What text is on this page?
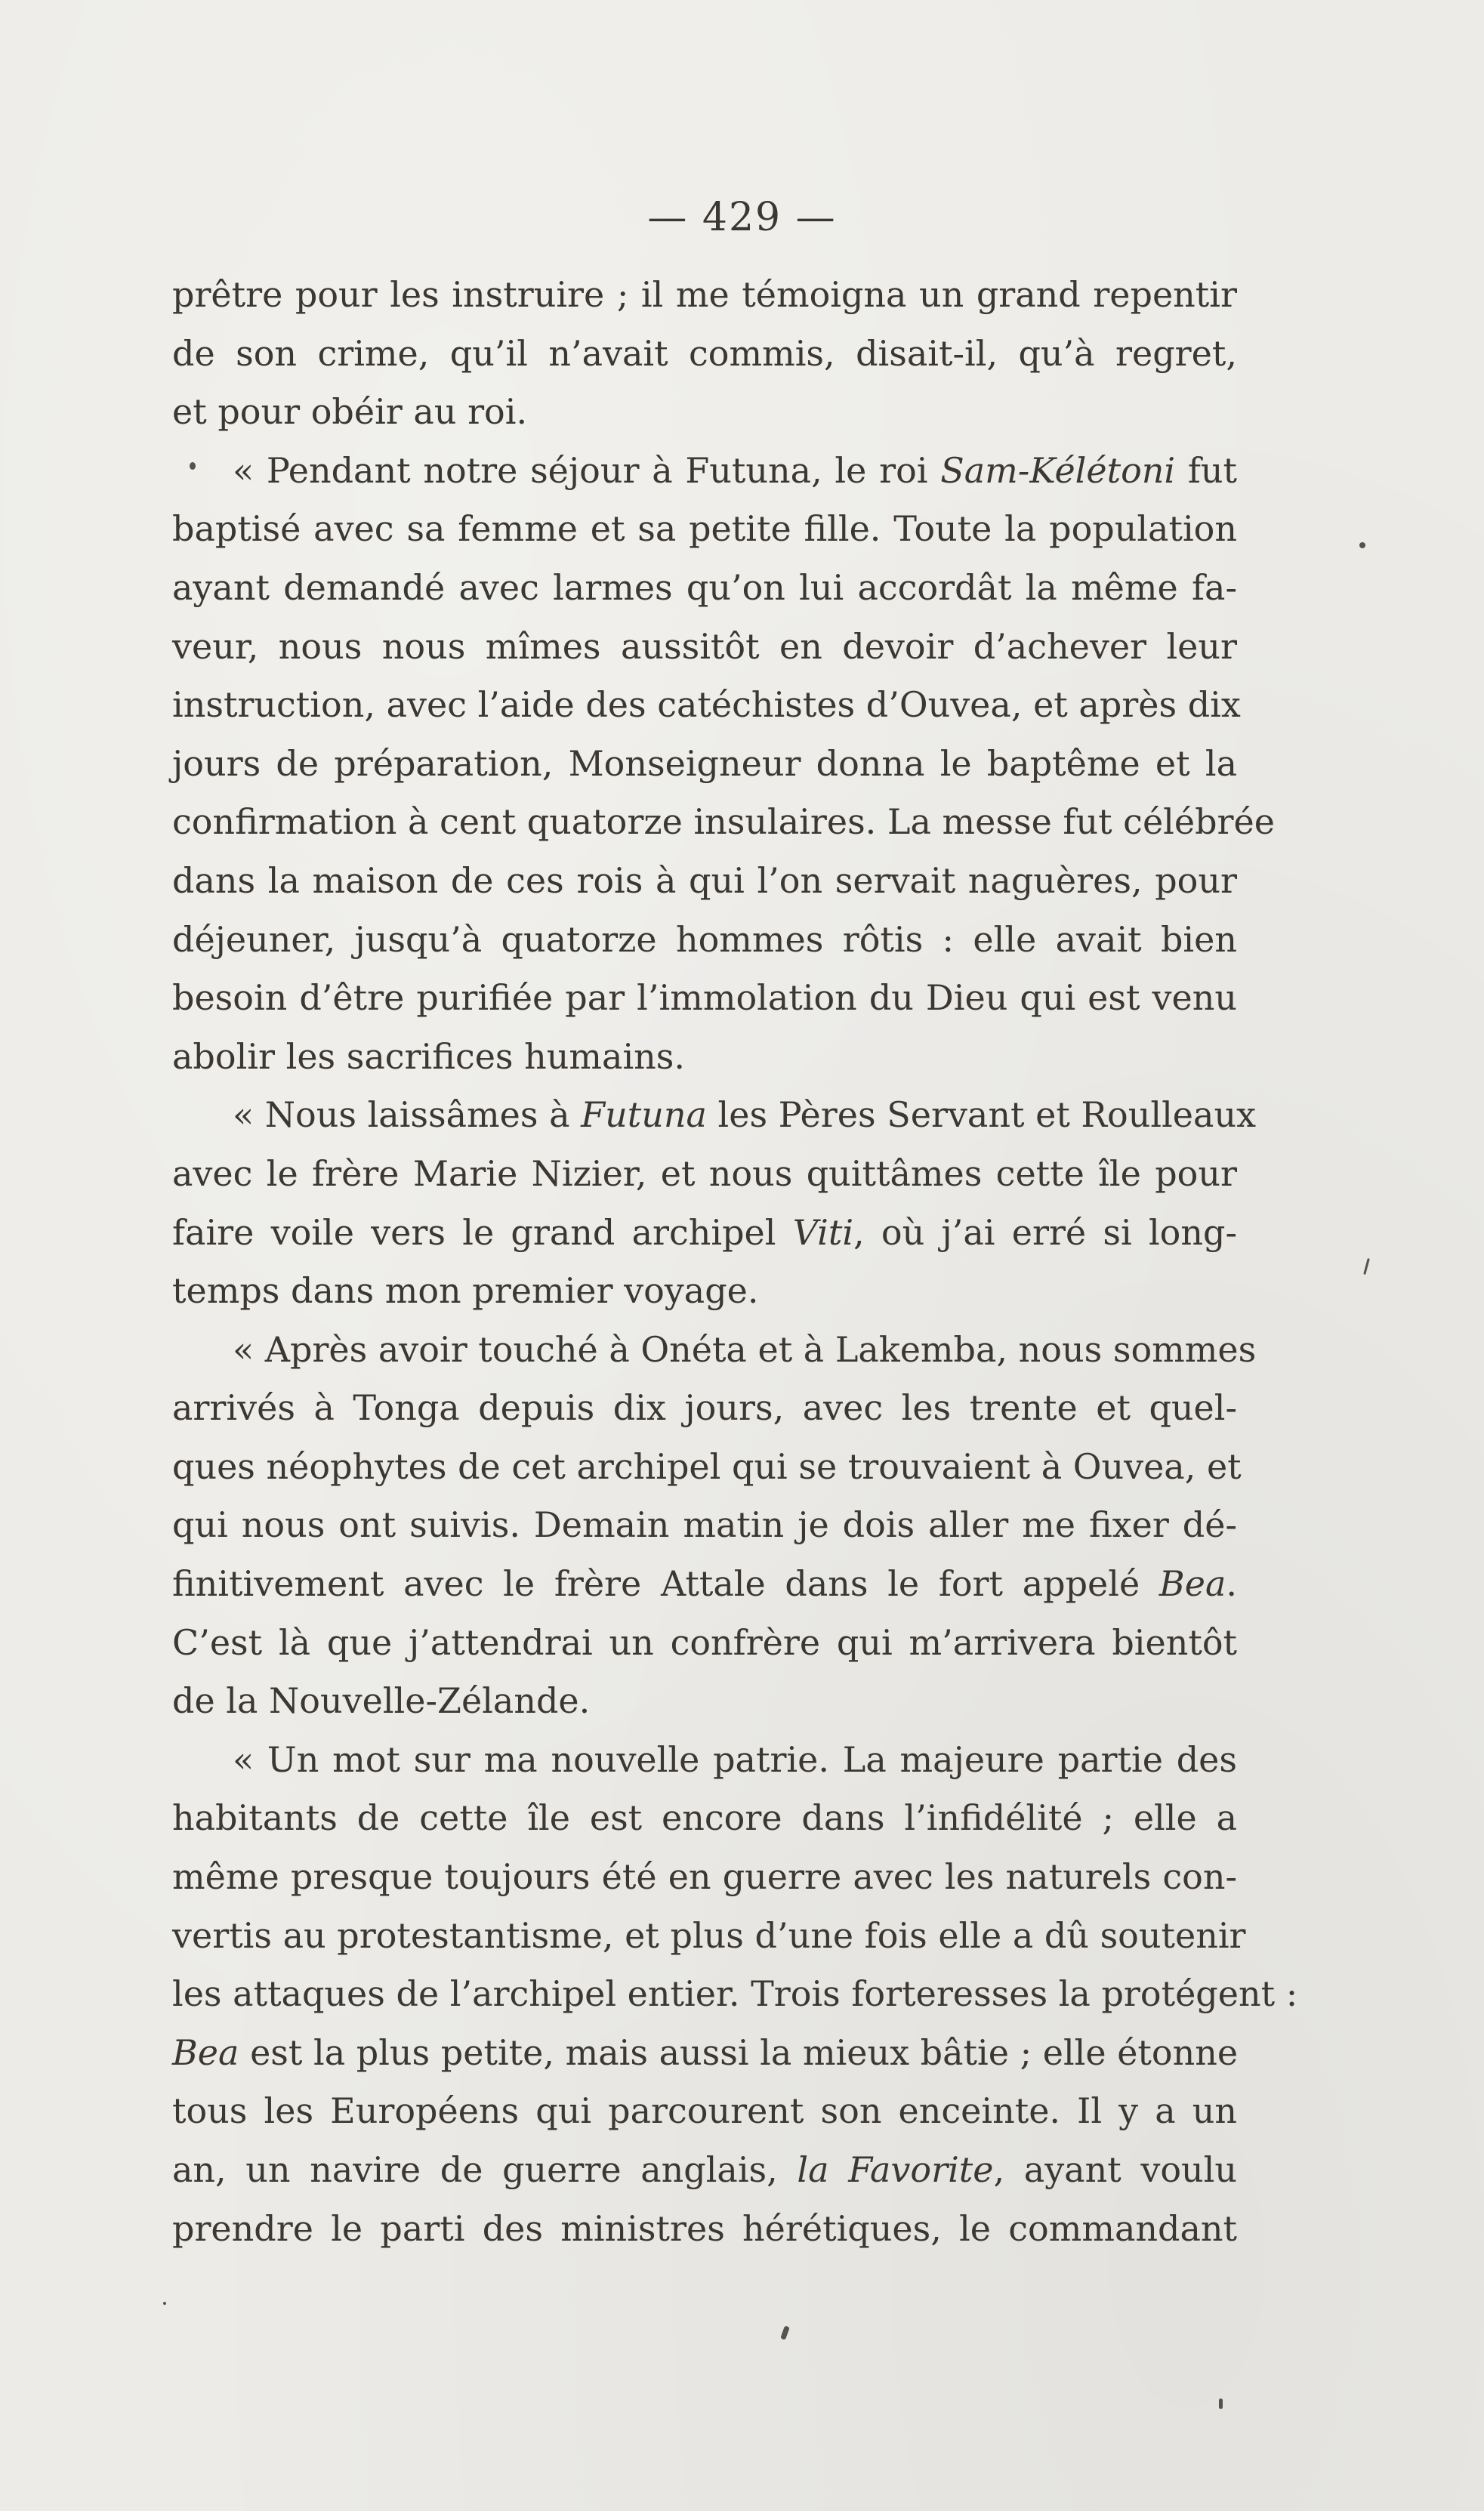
— 429 —
prêtre pour les instruire ; il me témoigna un grand repentir
de son crime, qu’il n’avait commis, disait-il, qu’à regret,
et pour obéir au roi.
« Pendant notre séjour à Futuna, le roi Sam-Kélétoni fut
baptisé avec sa femme et sa petite fille. Toute la population
ayant demandé avec larmes qu’on lui accordât la même fa-
veur, nous nous mîmes aussitôt en devoir d’achever leur
instruction, avec l’aide des catéchistes d’Ouvea, et après dix
jours de préparation, Monseigneur donna le baptême et la
confirmation à cent quatorze insulaires. La messe fut célébrée
dans la maison de ces rois à qui l’on servait naguères, pour
déjeuner, jusqu’à quatorze hommes rôtis : elle avait bien
besoin d’être purifiée par l’immolation du Dieu qui est venu
abolir les sacrifices humains.
« Nous laissâmes à Futuna les Pères Servant et Roulleaux
avec le frère Marie Nizier, et nous quittâmes cette île pour
faire voile vers le grand archipel Viti, où j’ai erré si long-
temps dans mon premier voyage.
« Après avoir touché à Onéta et à Lakemba, nous sommes
arrivés à Tonga depuis dix jours, avec les trente et quel-
ques néophytes de cet archipel qui se trouvaient à Ouvea, et
qui nous ont suivis. Demain matin je dois aller me fixer dé-
finitivement avec le frère Attale dans le fort appelé Bea.
C’est là que j’attendrai un confrère qui m’arrivera bientôt
de la Nouvelle-Zélande.
« Un mot sur ma nouvelle patrie. La majeure partie des
habitants de cette île est encore dans l’infidélité ; elle a
même presque toujours été en guerre avec les naturels con-
vertis au protestantisme, et plus d’une fois elle a dû soutenir
les attaques de l’archipel entier. Trois forteresses la protégent :
Bea est la plus petite, mais aussi la mieux bâtie ; elle étonne
tous les Européens qui parcourent son enceinte. Il y a un
an, un navire de guerre anglais, la Favorite, ayant voulu
prendre le parti des ministres hérétiques, le commandant
